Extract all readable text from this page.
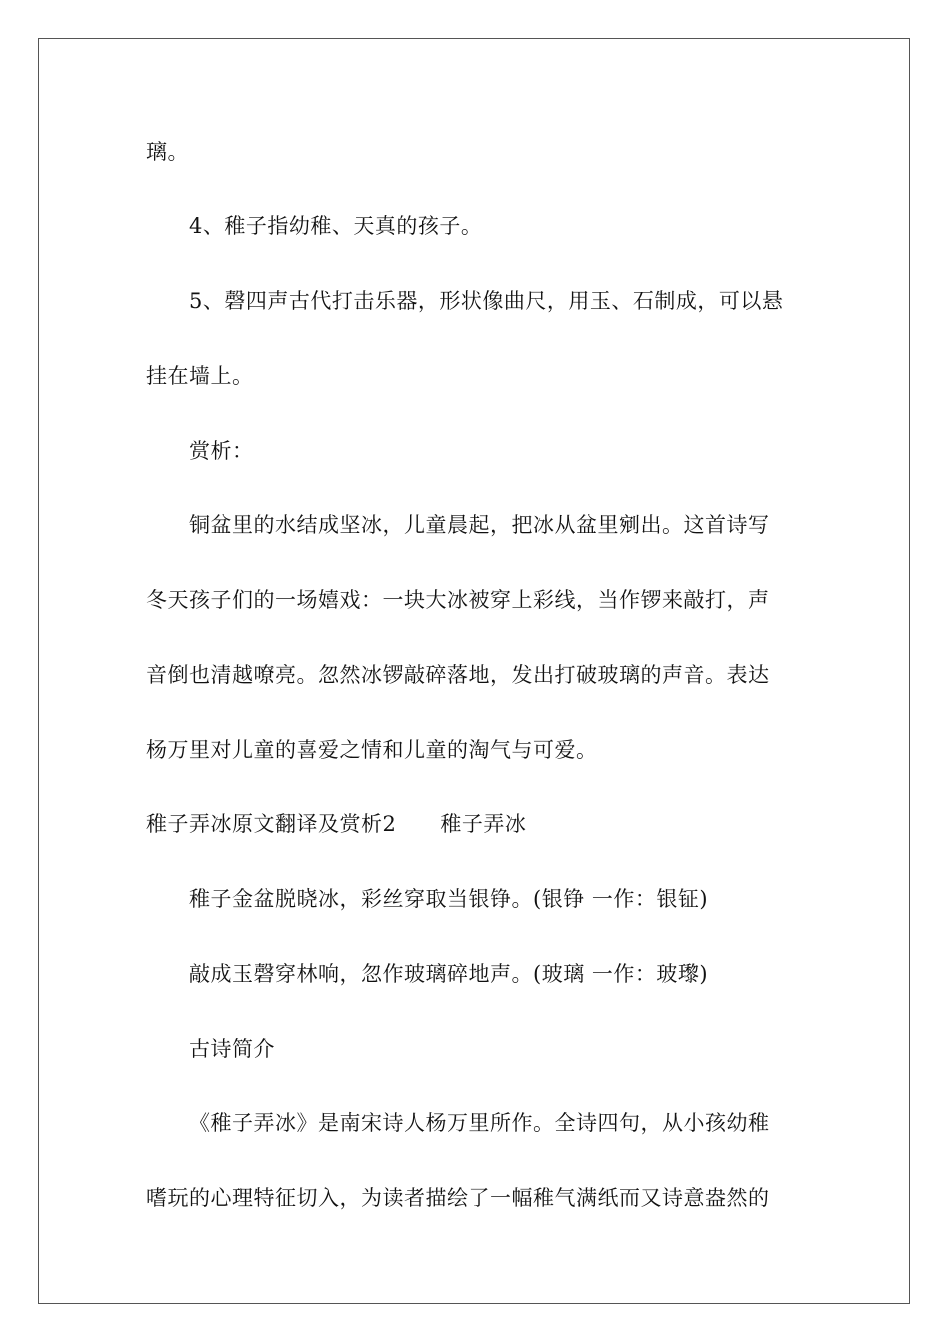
璃。
4、稚子指幼稚、天真的孩子。
5、磬四声古代打击乐器，形状像曲尺，用玉、石制成，可以悬
挂在墙上。
赏析：
铜盆里的水结成坚冰，儿童晨起，把冰从盆里剜出。这首诗写
冬天孩子们的一场嬉戏：一块大冰被穿上彩线，当作锣来敲打，声
音倒也清越嘹亮。忽然冰锣敲碎落地，发出打破玻璃的声音。表达
杨万里对儿童的喜爱之情和儿童的淘气与可爱。
稚子弄冰原文翻译及赏析2 稚子弄冰
稚子金盆脱晓冰，彩丝穿取当银铮。(银铮 一作：银钲)
敲成玉磬穿林响，忽作玻璃碎地声。(玻璃 一作：玻瓈)
古诗简介
《稚子弄冰》是南宋诗人杨万里所作。全诗四句，从小孩幼稚
嗜玩的心理特征切入，为读者描绘了一幅稚气满纸而又诗意盎然的
